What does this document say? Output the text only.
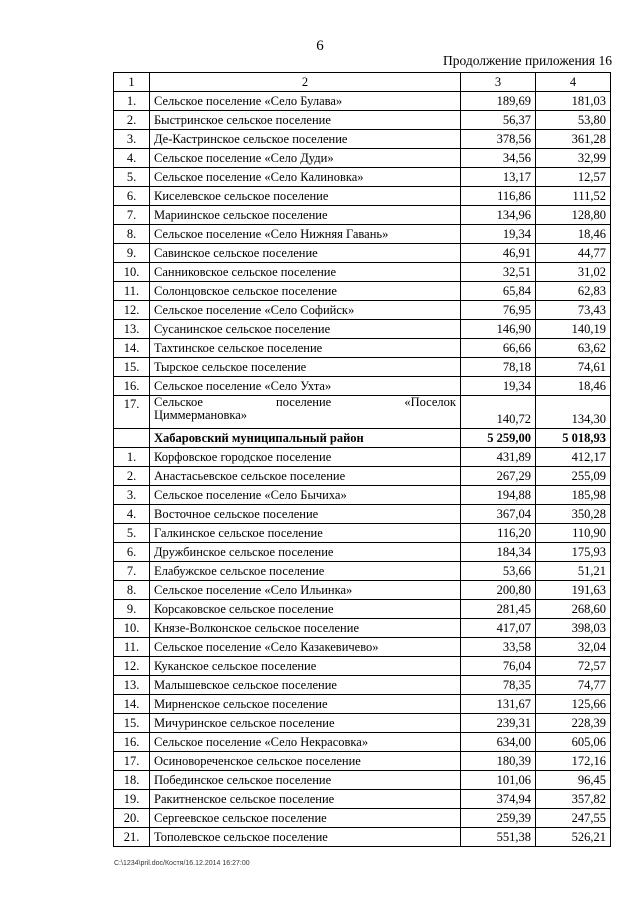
6
Продолжение приложения 16
1	2	3	4
1.	Сельское поселение «Село Булава»	189,69	181,03
2.	Быстринское сельское поселение	56,37	53,80
3.	Де-Кастринское сельское поселение	378,56	361,28
4.	Сельское поселение «Село Дуди»	34,56	32,99
5.	Сельское поселение «Село Калиновка»	13,17	12,57
6.	Киселевское сельское поселение	116,86	111,52
7.	Мариинское сельское поселение	134,96	128,80
8.	Сельское поселение «Село Нижняя Гавань»	19,34	18,46
9.	Савинское сельское поселение	46,91	44,77
10.	Санниковское сельское поселение	32,51	31,02
11.	Солонцовское сельское поселение	65,84	62,83
12.	Сельское поселение «Село Софийск»	76,95	73,43
13.	Сусанинское сельское поселение	146,90	140,19
14.	Тахтинское сельское поселение	66,66	63,62
15.	Тырское сельское поселение	78,18	74,61
16.	Сельское поселение «Село Ухта»	19,34	18,46
17.	Сельское поселение «Поселок
Циммермановка»	140,72	134,30
	Хабаровский муниципальный район	5 259,00	5 018,93
1.	Корфовское городское поселение	431,89	412,17
2.	Анастасьевское сельское поселение	267,29	255,09
3.	Сельское поселение «Село Бычиха»	194,88	185,98
4.	Восточное сельское поселение	367,04	350,28
5.	Галкинское сельское поселение	116,20	110,90
6.	Дружбинское сельское поселение	184,34	175,93
7.	Елабужское сельское поселение	53,66	51,21
8.	Сельское поселение «Село Ильинка»	200,80	191,63
9.	Корсаковское сельское поселение	281,45	268,60
10.	Князе-Волконское сельское поселение	417,07	398,03
11.	Сельское поселение «Село Казакевичево»	33,58	32,04
12.	Куканское сельское поселение	76,04	72,57
13.	Малышевское сельское поселение	78,35	74,77
14.	Мирненское сельское поселение	131,67	125,66
15.	Мичуринское сельское поселение	239,31	228,39
16.	Сельское поселение «Село Некрасовка»	634,00	605,06
17.	Осиновореченское сельское поселение	180,39	172,16
18.	Побединское сельское поселение	101,06	96,45
19.	Ракитненское сельское поселение	374,94	357,82
20.	Сергеевское сельское поселение	259,39	247,55
21.	Тополевское сельское поселение	551,38	526,21
C:\1234\pril.doc/Костя/16.12.2014 16:27:00
